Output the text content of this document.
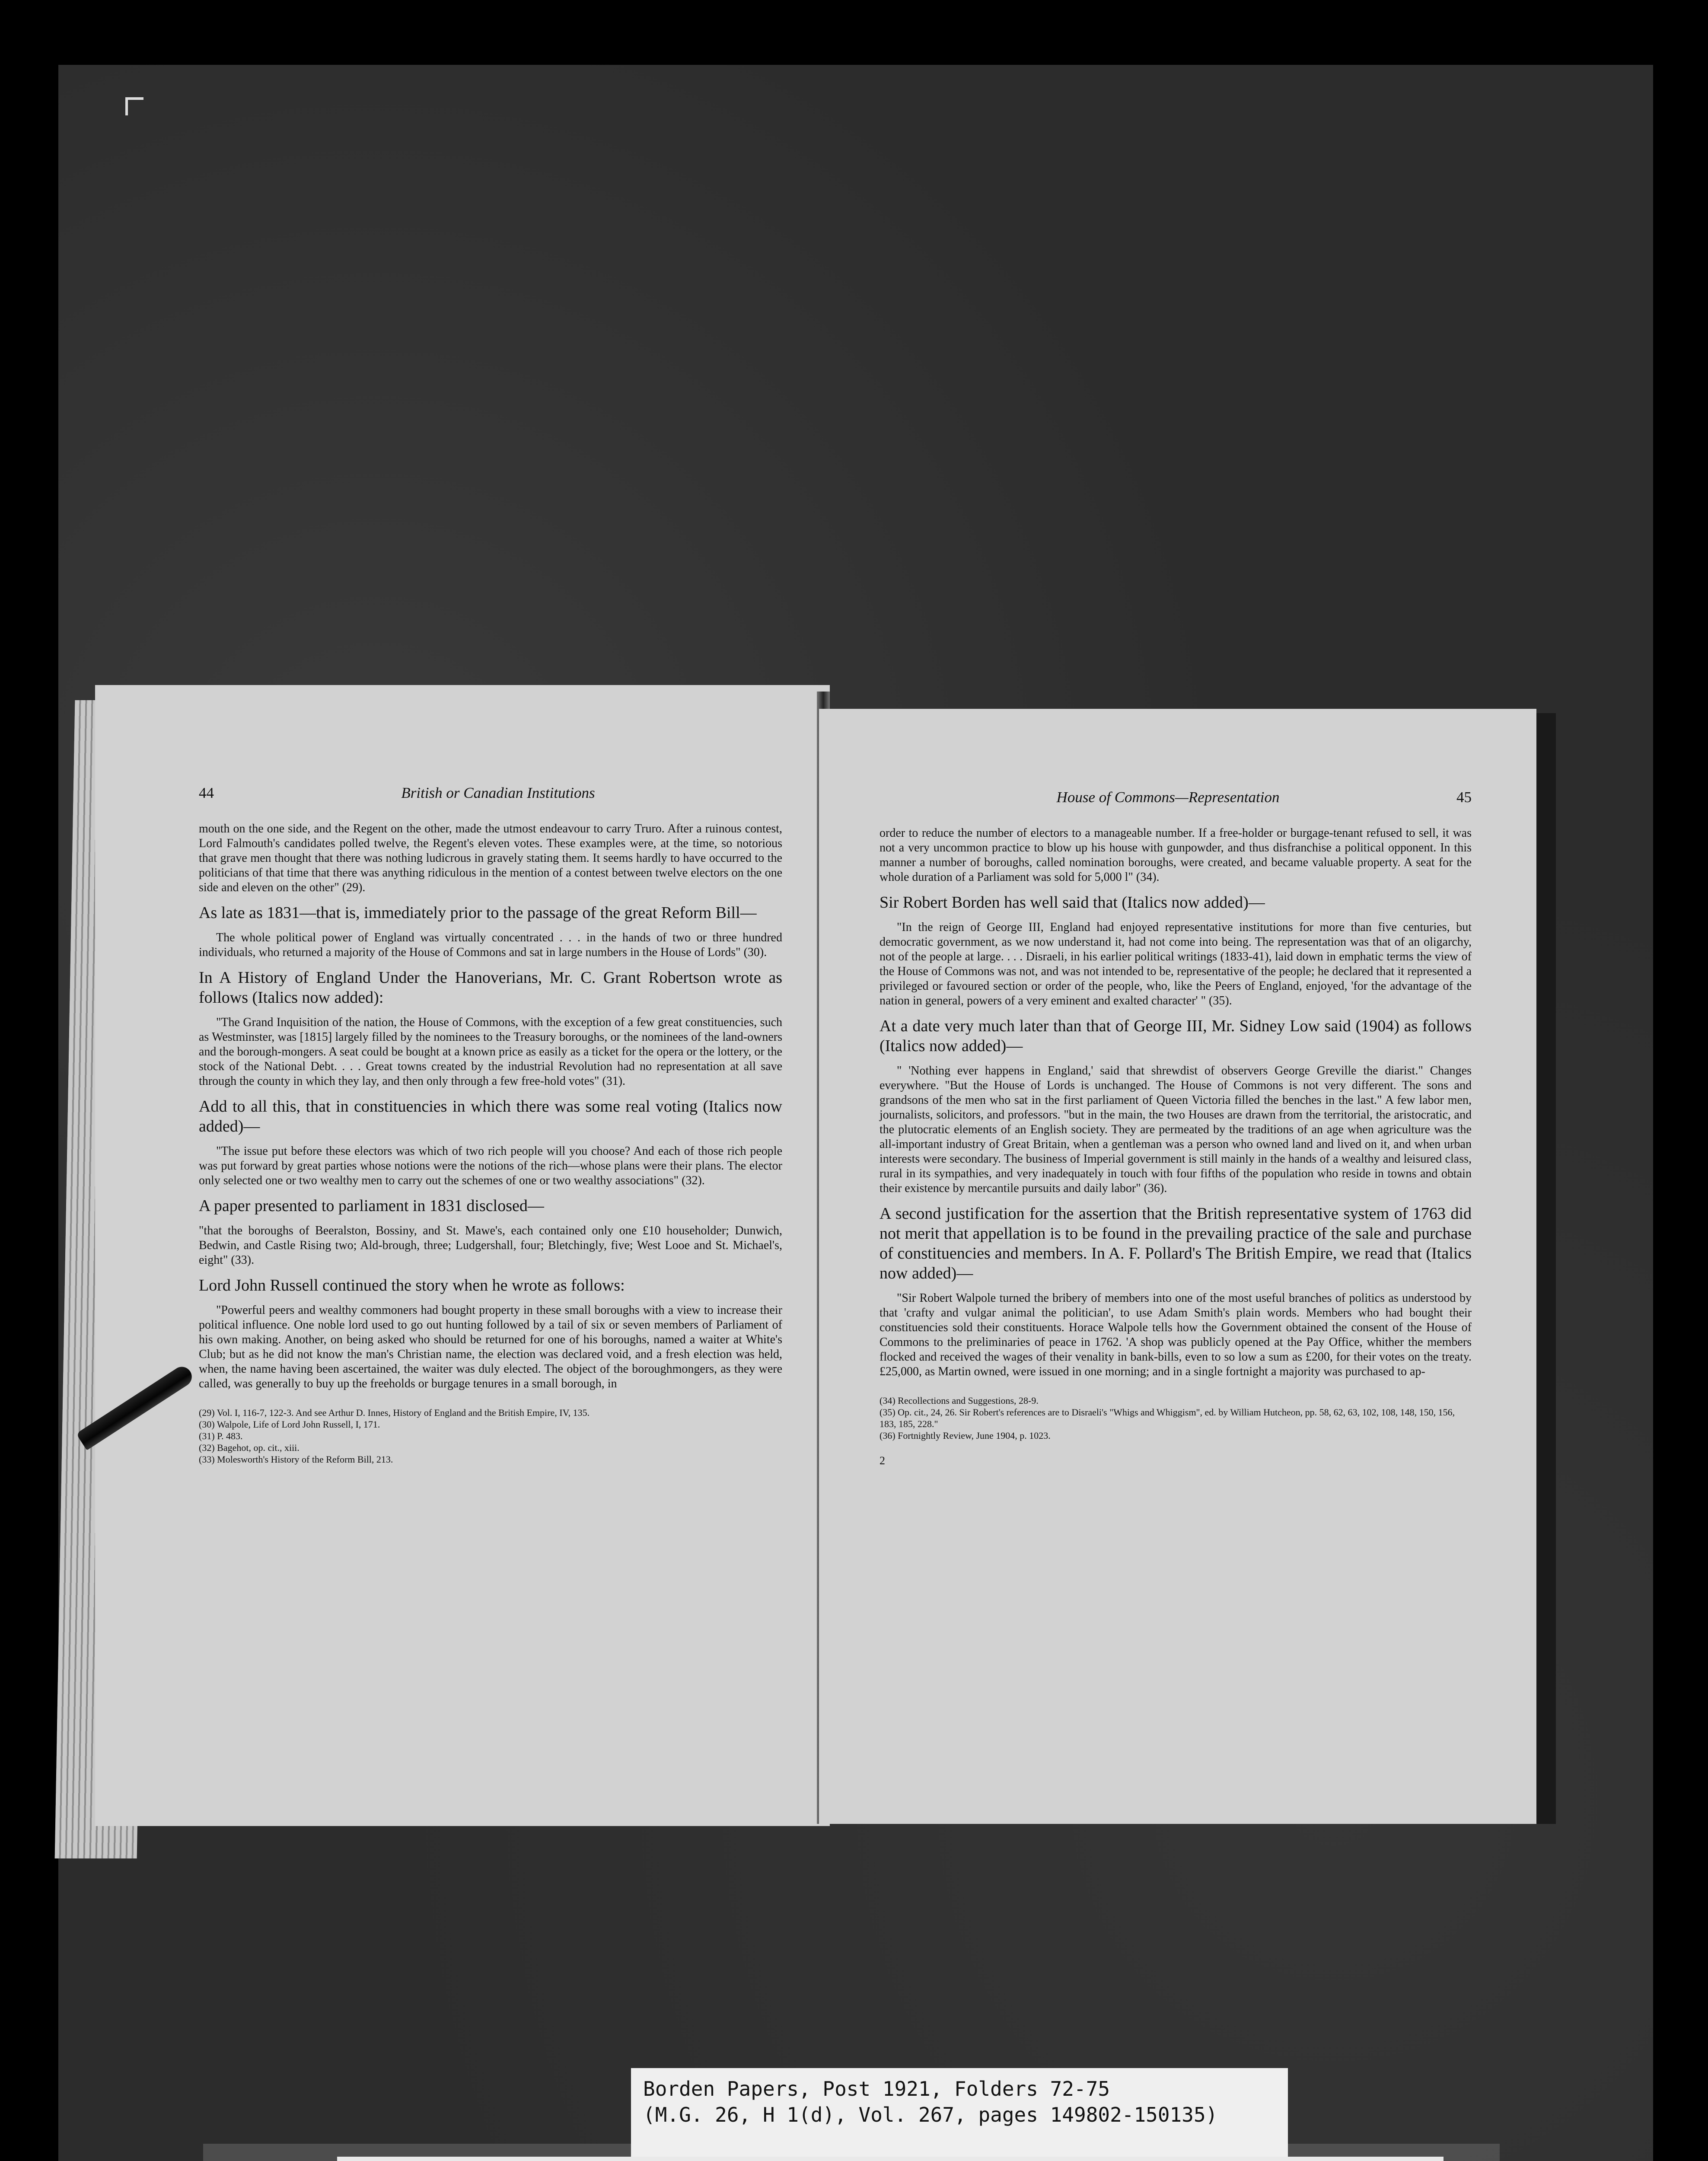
44	British or Canadian Institutions

mouth on the one side, and the Regent on the other, made the utmost endeavour to carry Truro. After a ruinous contest, Lord Falmouth's candidates polled twelve, the Regent's eleven votes. These examples were, at the time, so notorious that grave men thought that there was nothing ludicrous in gravely stating them. It seems hardly to have occurred to the politicians of that time that there was anything ridiculous in the mention of a contest between twelve electors on the one side and eleven on the other" (29).

As late as 1831—that is, immediately prior to the passage of the great Reform Bill—

The whole political power of England was virtually concentrated . . . in the hands of two or three hundred individuals, who returned a majority of the House of Commons and sat in large numbers in the House of Lords" (30).

In A History of England Under the Hanoverians, Mr. C. Grant Robertson wrote as follows (Italics now added):

"The Grand Inquisition of the nation, the House of Commons, with the exception of a few great constituencies, such as Westminster, was [1815] largely filled by the nominees to the Treasury boroughs, or the nominees of the land-owners and the borough-mongers. A seat could be bought at a known price as easily as a ticket for the opera or the lottery, or the stock of the National Debt. . . . Great towns created by the industrial Revolution had no representation at all save through the county in which they lay, and then only through a few free-hold votes" (31).

Add to all this, that in constituencies in which there was some real voting (Italics now added)—

"The issue put before these electors was which of two rich people will you choose? And each of those rich people was put forward by great parties whose notions were the notions of the rich—whose plans were their plans. The elector only selected one or two wealthy men to carry out the schemes of one or two wealthy associations" (32).

A paper presented to parliament in 1831 disclosed—

"that the boroughs of Beeralston, Bossiny, and St. Mawe's, each contained only one £10 householder; Dunwich, Bedwin, and Castle Rising two; Ald-brough, three; Ludgershall, four; Bletchingly, five; West Looe and St. Michael's, eight" (33).

Lord John Russell continued the story when he wrote as follows:

"Powerful peers and wealthy commoners had bought property in these small boroughs with a view to increase their political influence. One noble lord used to go out hunting followed by a tail of six or seven members of Parliament of his own making. Another, on being asked who should be returned for one of his boroughs, named a waiter at White's Club; but as he did not know the man's Christian name, the election was declared void, and a fresh election was held, when, the name having been ascertained, the waiter was duly elected. The object of the boroughmongers, as they were called, was generally to buy up the freeholds or burgage tenures in a small borough, in

(29) Vol. I, 116-7, 122-3. And see Arthur D. Innes, History of England and the British Empire, IV, 135.
(30) Walpole, Life of Lord John Russell, I, 171.
(31) P. 483.
(32) Bagehot, op. cit., xiii.
(33) Molesworth's History of the Reform Bill, 213.
House of Commons—Representation	45

order to reduce the number of electors to a manageable number. If a free-holder or burgage-tenant refused to sell, it was not a very uncommon practice to blow up his house with gunpowder, and thus disfranchise a political opponent. In this manner a number of boroughs, called nomination boroughs, were created, and became valuable property. A seat for the whole duration of a Parliament was sold for 5,000 l" (34).

Sir Robert Borden has well said that (Italics now added)—

"In the reign of George III, England had enjoyed representative institutions for more than five centuries, but democratic government, as we now understand it, had not come into being. The representation was that of an oligarchy, not of the people at large. . . . Disraeli, in his earlier political writings (1833-41), laid down in emphatic terms the view of the House of Commons was not, and was not intended to be, representative of the people; he declared that it represented a privileged or favoured section or order of the people, who, like the Peers of England, enjoyed, 'for the advantage of the nation in general, powers of a very eminent and exalted character' " (35).

At a date very much later than that of George III, Mr. Sidney Low said (1904) as follows (Italics now added)—

" 'Nothing ever happens in England,' said that shrewdist of observers George Greville the diarist." Changes everywhere. "But the House of Lords is unchanged. The House of Commons is not very different. The sons and grandsons of the men who sat in the first parliament of Queen Victoria filled the benches in the last." A few labor men, journalists, solicitors, and professors. "but in the main, the two Houses are drawn from the territorial, the aristocratic, and the plutocratic elements of an English society. They are permeated by the traditions of an age when agriculture was the all-important industry of Great Britain, when a gentleman was a person who owned land and lived on it, and when urban interests were secondary. The business of Imperial government is still mainly in the hands of a wealthy and leisured class, rural in its sympathies, and very inadequately in touch with four fifths of the population who reside in towns and obtain their existence by mercantile pursuits and daily labor" (36).

A second justification for the assertion that the British representative system of 1763 did not merit that appellation is to be found in the prevailing practice of the sale and purchase of constituencies and members. In A. F. Pollard's The British Empire, we read that (Italics now added)—

"Sir Robert Walpole turned the bribery of members into one of the most useful branches of politics as understood by that 'crafty and vulgar animal the politician', to use Adam Smith's plain words. Members who had bought their constituencies sold their constituents. Horace Walpole tells how the Government obtained the consent of the House of Commons to the preliminaries of peace in 1762. 'A shop was publicly opened at the Pay Office, whither the members flocked and received the wages of their venality in bank-bills, even to so low a sum as £200, for their votes on the treaty. £25,000, as Martin owned, were issued in one morning; and in a single fortnight a majority was purchased to ap-

(34) Recollections and Suggestions, 28-9.
(35) Op. cit., 24, 26. Sir Robert's references are to Disraeli's "Whigs and Whiggism", ed. by William Hutcheon, pp. 58, 62, 63, 102, 108, 148, 150, 156, 183, 185, 228."
(36) Fortnightly Review, June 1904, p. 1023.
2
Borden Papers, Post 1921, Folders 72-75
(M.G. 26, H 1(d), Vol. 267, pages 149802-150135)
